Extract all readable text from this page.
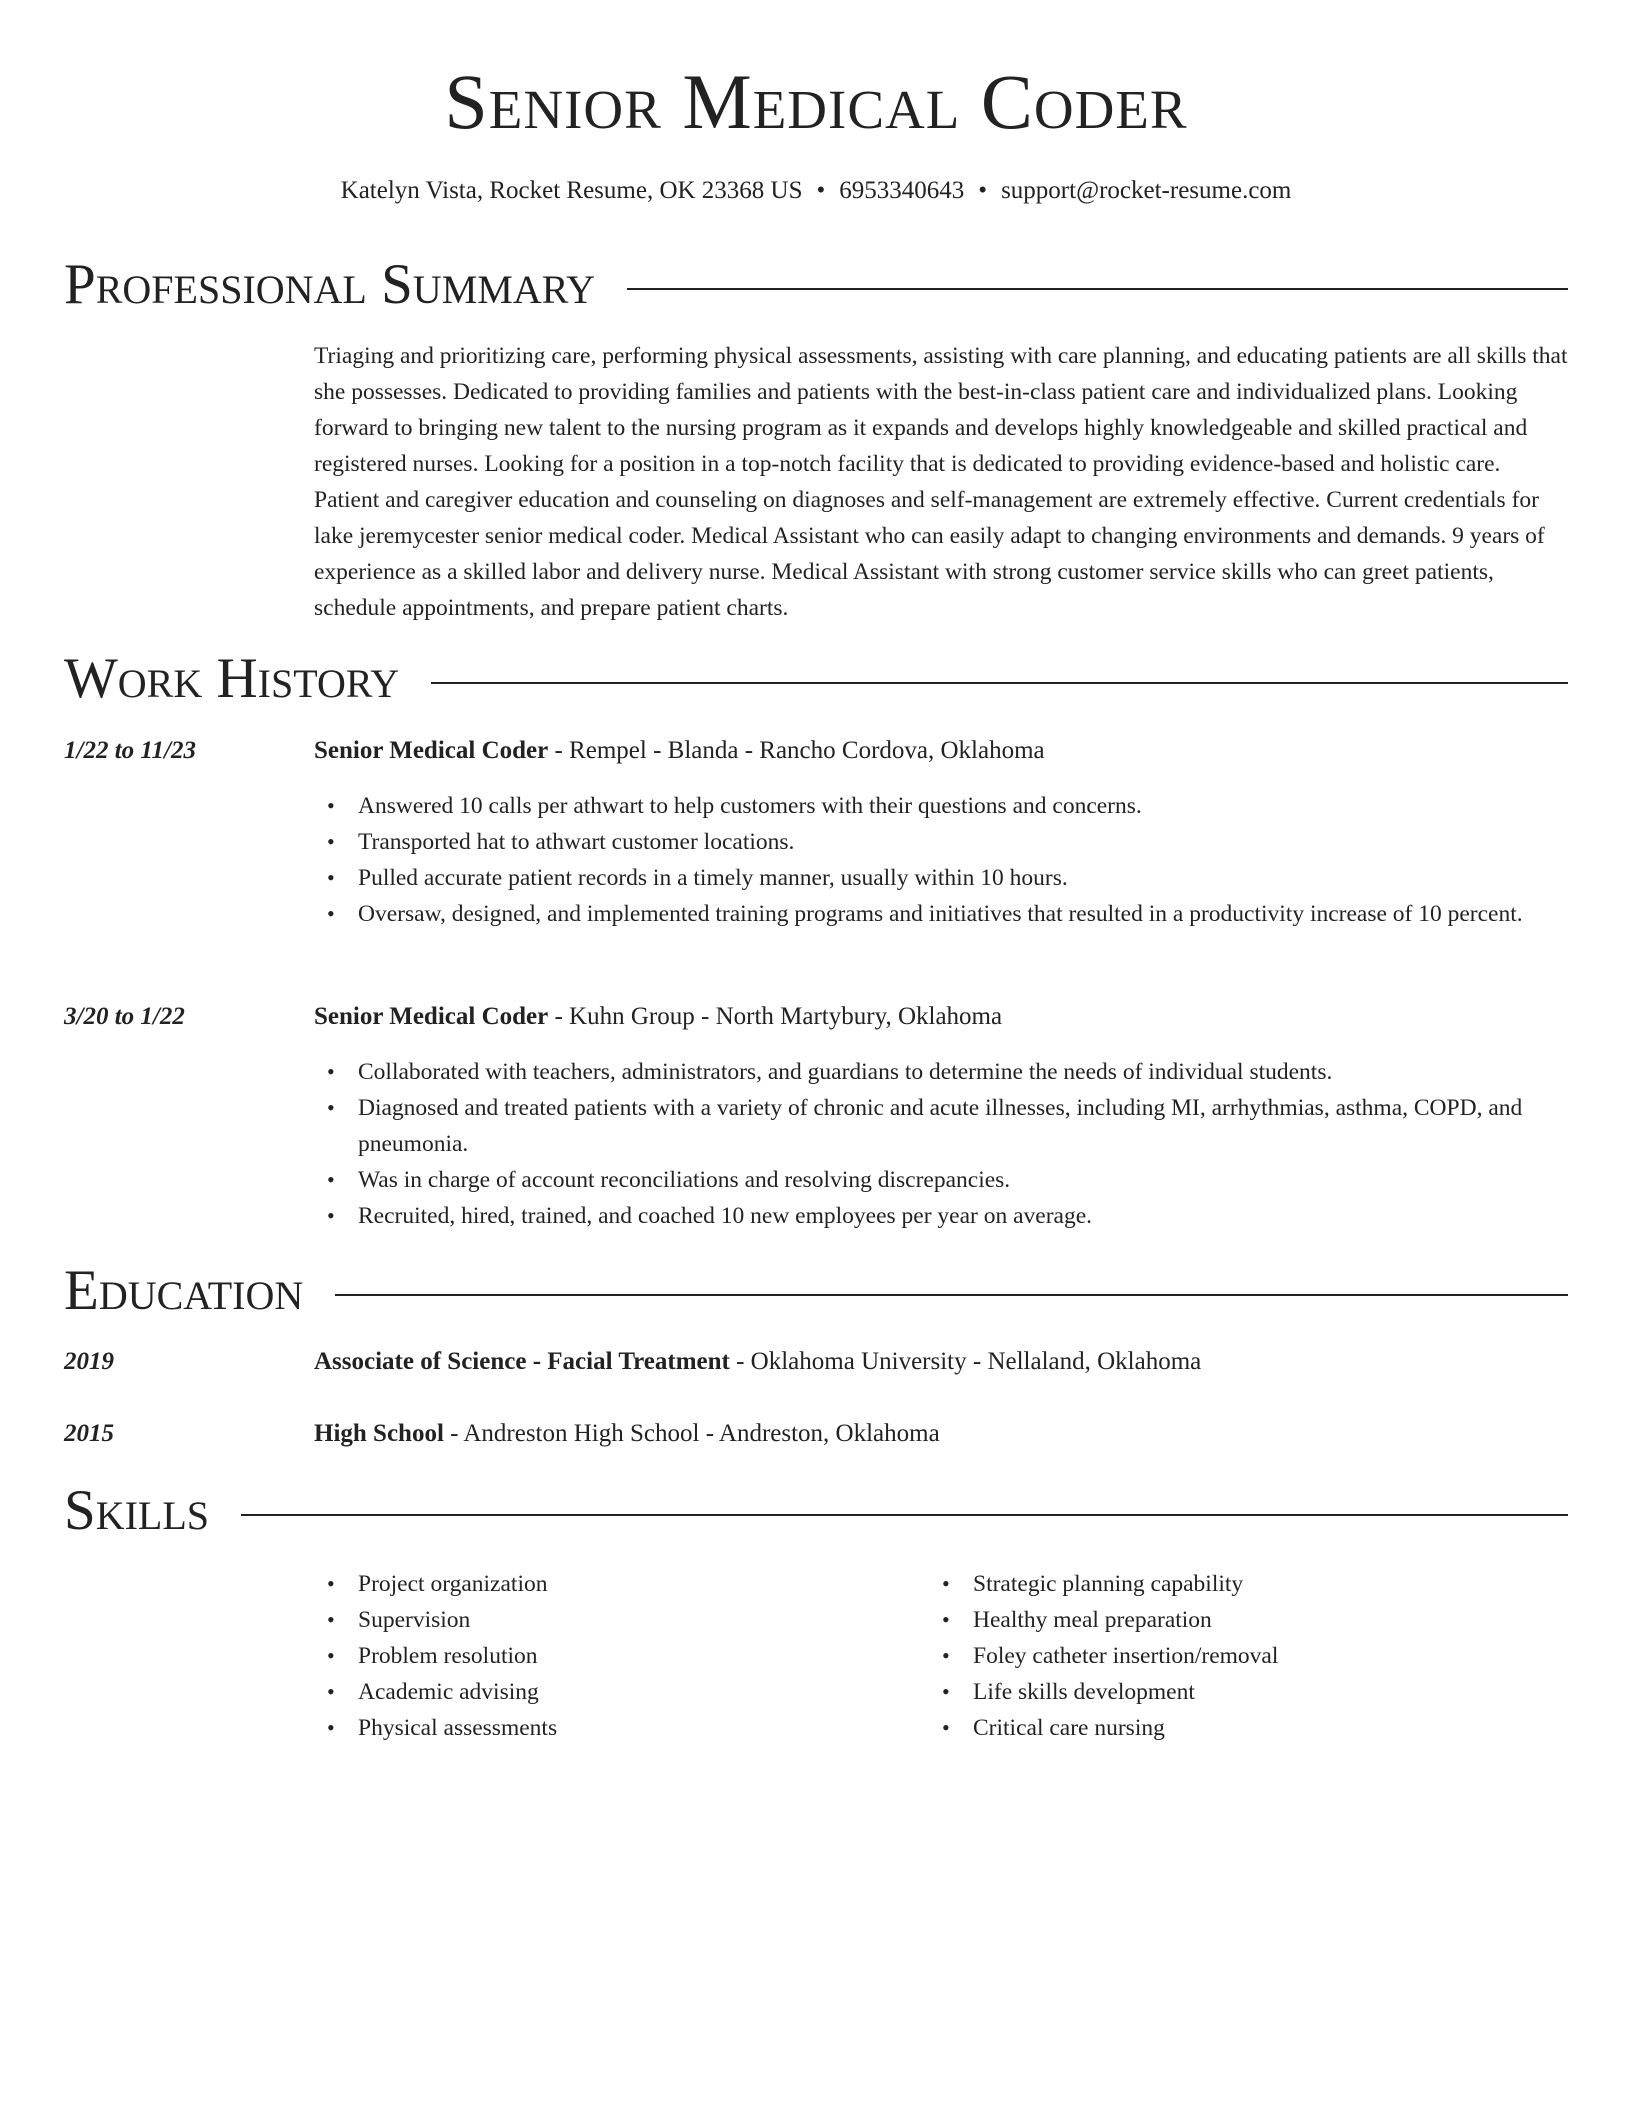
Senior Medical Coder
Katelyn Vista, Rocket Resume, OK 23368 US • 6953340643 • support@rocket-resume.com
Professional Summary

Triaging and prioritizing care, performing physical assessments, assisting with care planning, and educating patients are all skills that she possesses. Dedicated to providing families and patients with the best-in-class patient care and individualized plans. Looking forward to bringing new talent to the nursing program as it expands and develops highly knowledgeable and skilled practical and registered nurses. Looking for a position in a top-notch facility that is dedicated to providing evidence-based and holistic care. Patient and caregiver education and counseling on diagnoses and self-management are extremely effective. Current credentials for lake jeremycester senior medical coder. Medical Assistant who can easily adapt to changing environments and demands. 9 years of experience as a skilled labor and delivery nurse. Medical Assistant with strong customer service skills who can greet patients, schedule appointments, and prepare patient charts.

Work History
1/22 to 11/23	Senior Medical Coder - Rempel - Blanda - Rancho Cordova, Oklahoma
• Answered 10 calls per athwart to help customers with their questions and concerns.
• Transported hat to athwart customer locations.
• Pulled accurate patient records in a timely manner, usually within 10 hours.
• Oversaw, designed, and implemented training programs and initiatives that resulted in a productivity increase of 10 percent.
3/20 to 1/22	Senior Medical Coder - Kuhn Group - North Martybury, Oklahoma
• Collaborated with teachers, administrators, and guardians to determine the needs of individual students.
• Diagnosed and treated patients with a variety of chronic and acute illnesses, including MI, arrhythmias, asthma, COPD, and pneumonia.
• Was in charge of account reconciliations and resolving discrepancies.
• Recruited, hired, trained, and coached 10 new employees per year on average.
Education
2019	Associate of Science - Facial Treatment - Oklahoma University - Nellaland, Oklahoma
2015	High School - Andreston High School - Andreston, Oklahoma
Skills
• Project organization
• Supervision
• Problem resolution
• Academic advising
• Physical assessments
• Strategic planning capability
• Healthy meal preparation
• Foley catheter insertion/removal
• Life skills development
• Critical care nursing
